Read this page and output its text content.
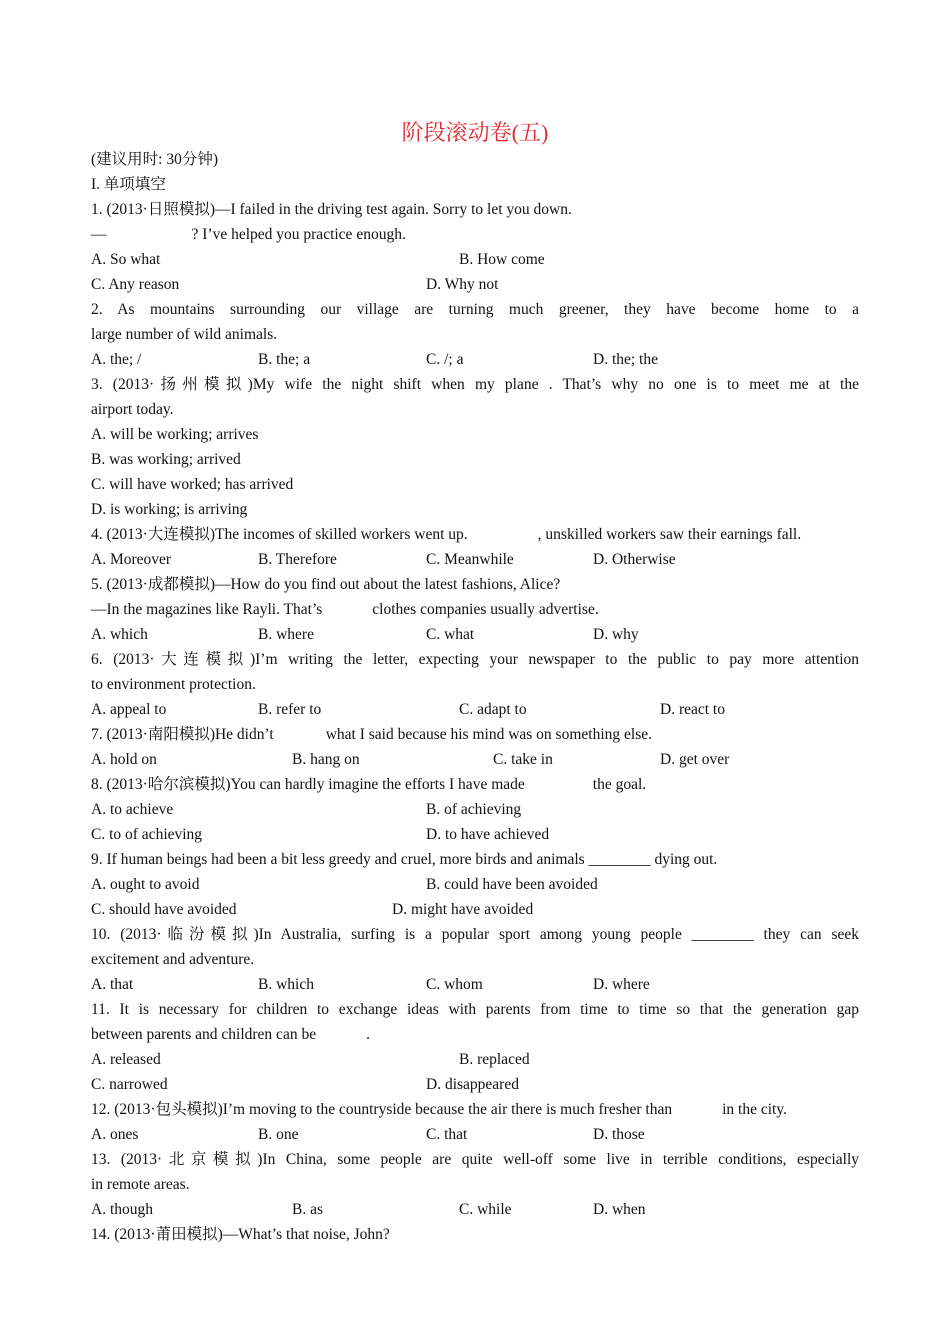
阶段滚动卷(五)
(建议用时: 30分钟)
I. 单项填空
1. (2013·日照模拟)—I failed in the driving test again. Sorry to let you down.
—	? I’ve helped you practice enough.
A. So what	B. How come
C. Any reason	D. Why not
2. As mountains surrounding our village are turning much greener, they have become home to a
large number of wild animals.
A. the; /	B. the; a	C. /; a	D. the; the
3. (2013·扬州模拟)My wife the night shift when my plane . That’s why no one is to meet me at the
airport today.
A. will be working; arrives
B. was working; arrived
C. will have worked; has arrived
D. is working; is arriving
4. (2013·大连模拟)The incomes of skilled workers went up.	, unskilled workers saw their earnings fall.
A. Moreover	B. Therefore	C. Meanwhile	D. Otherwise
5. (2013·成都模拟)—How do you find out about the latest fashions, Alice?
—In the magazines like Rayli. That’s	clothes companies usually advertise.
A. which	B. where	C. what	D. why
6. (2013·大连模拟)I’m writing the letter, expecting your newspaper to the public to pay more attention
to environment protection.
A. appeal to	B. refer to	C. adapt to	D. react to
7. (2013·南阳模拟)He didn’t	what I said because his mind was on something else.
A. hold on	B. hang on	C. take in	D. get over
8. (2013·哈尔滨模拟)You can hardly imagine the efforts I have made	the goal.
A. to achieve	B. of achieving
C. to of achieving	D. to have achieved
9. If human beings had been a bit less greedy and cruel, more birds and animals ________ dying out.
A. ought to avoid	B. could have been avoided
C. should have avoided	D. might have avoided
10. (2013·临汾模拟)In Australia, surfing is a popular sport among young people ________ they can seek
excitement and adventure.
A. that	B. which	C. whom	D. where
11. It is necessary for children to exchange ideas with parents from time to time so that the generation gap
between parents and children can be	.
A. released	B. replaced
C. narrowed	D. disappeared
12. (2013·包头模拟)I’m moving to the countryside because the air there is much fresher than	in the city.
A. ones	B. one	C. that	D. those
13. (2013·北京模拟)In China, some people are quite well-off some live in terrible conditions, especially
in remote areas.
A. though	B. as	C. while	D. when
14. (2013·莆田模拟)—What’s that noise, John?
